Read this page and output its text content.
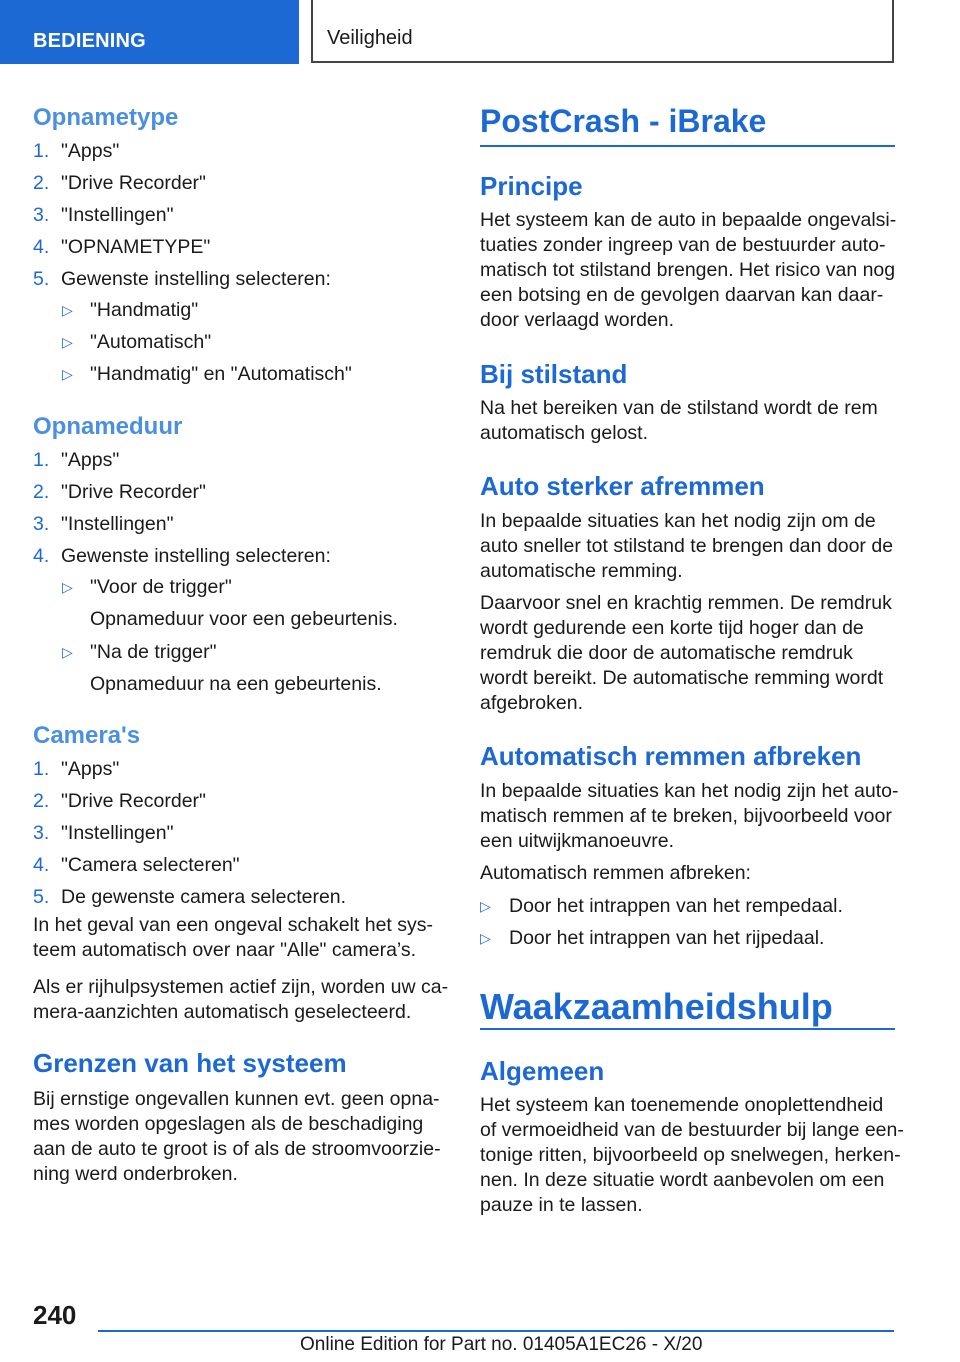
BEDIENING	Veiligheid
Opnametype
1. "Apps"
2. "Drive Recorder"
3. "Instellingen"
4. "OPNAMETYPE"
5. Gewenste instelling selecteren:
▷ "Handmatig"
▷ "Automatisch"
▷ "Handmatig" en "Automatisch"
Opnameduur
1. "Apps"
2. "Drive Recorder"
3. "Instellingen"
4. Gewenste instelling selecteren:
▷ "Voor de trigger"
Opnameduur voor een gebeurtenis.
▷ "Na de trigger"
Opnameduur na een gebeurtenis.
Camera's
1. "Apps"
2. "Drive Recorder"
3. "Instellingen"
4. "Camera selecteren"
5. De gewenste camera selecteren.
In het geval van een ongeval schakelt het sys-
teem automatisch over naar "Alle" camera’s.
Als er rijhulpsystemen actief zijn, worden uw ca-
mera-aanzichten automatisch geselecteerd.
Grenzen van het systeem
Bij ernstige ongevallen kunnen evt. geen opna-
mes worden opgeslagen als de beschadiging
aan de auto te groot is of als de stroomvoorzie-
ning werd onderbroken.
PostCrash - iBrake
Principe
Het systeem kan de auto in bepaalde ongevalsi-
tuaties zonder ingreep van de bestuurder auto-
matisch tot stilstand brengen. Het risico van nog
een botsing en de gevolgen daarvan kan daar-
door verlaagd worden.
Bij stilstand
Na het bereiken van de stilstand wordt de rem
automatisch gelost.
Auto sterker afremmen
In bepaalde situaties kan het nodig zijn om de
auto sneller tot stilstand te brengen dan door de
automatische remming.
Daarvoor snel en krachtig remmen. De remdruk
wordt gedurende een korte tijd hoger dan de
remdruk die door de automatische remdruk
wordt bereikt. De automatische remming wordt
afgebroken.
Automatisch remmen afbreken
In bepaalde situaties kan het nodig zijn het auto-
matisch remmen af te breken, bijvoorbeeld voor
een uitwijkmanoeuvre.
Automatisch remmen afbreken:
▷ Door het intrappen van het rempedaal.
▷ Door het intrappen van het rijpedaal.
Waakzaamheidshulp
Algemeen
Het systeem kan toenemende onoplettendheid
of vermoeidheid van de bestuurder bij lange een-
tonige ritten, bijvoorbeeld op snelwegen, herken-
nen. In deze situatie wordt aanbevolen om een
pauze in te lassen.
240
Online Edition for Part no. 01405A1EC26 - X/20
